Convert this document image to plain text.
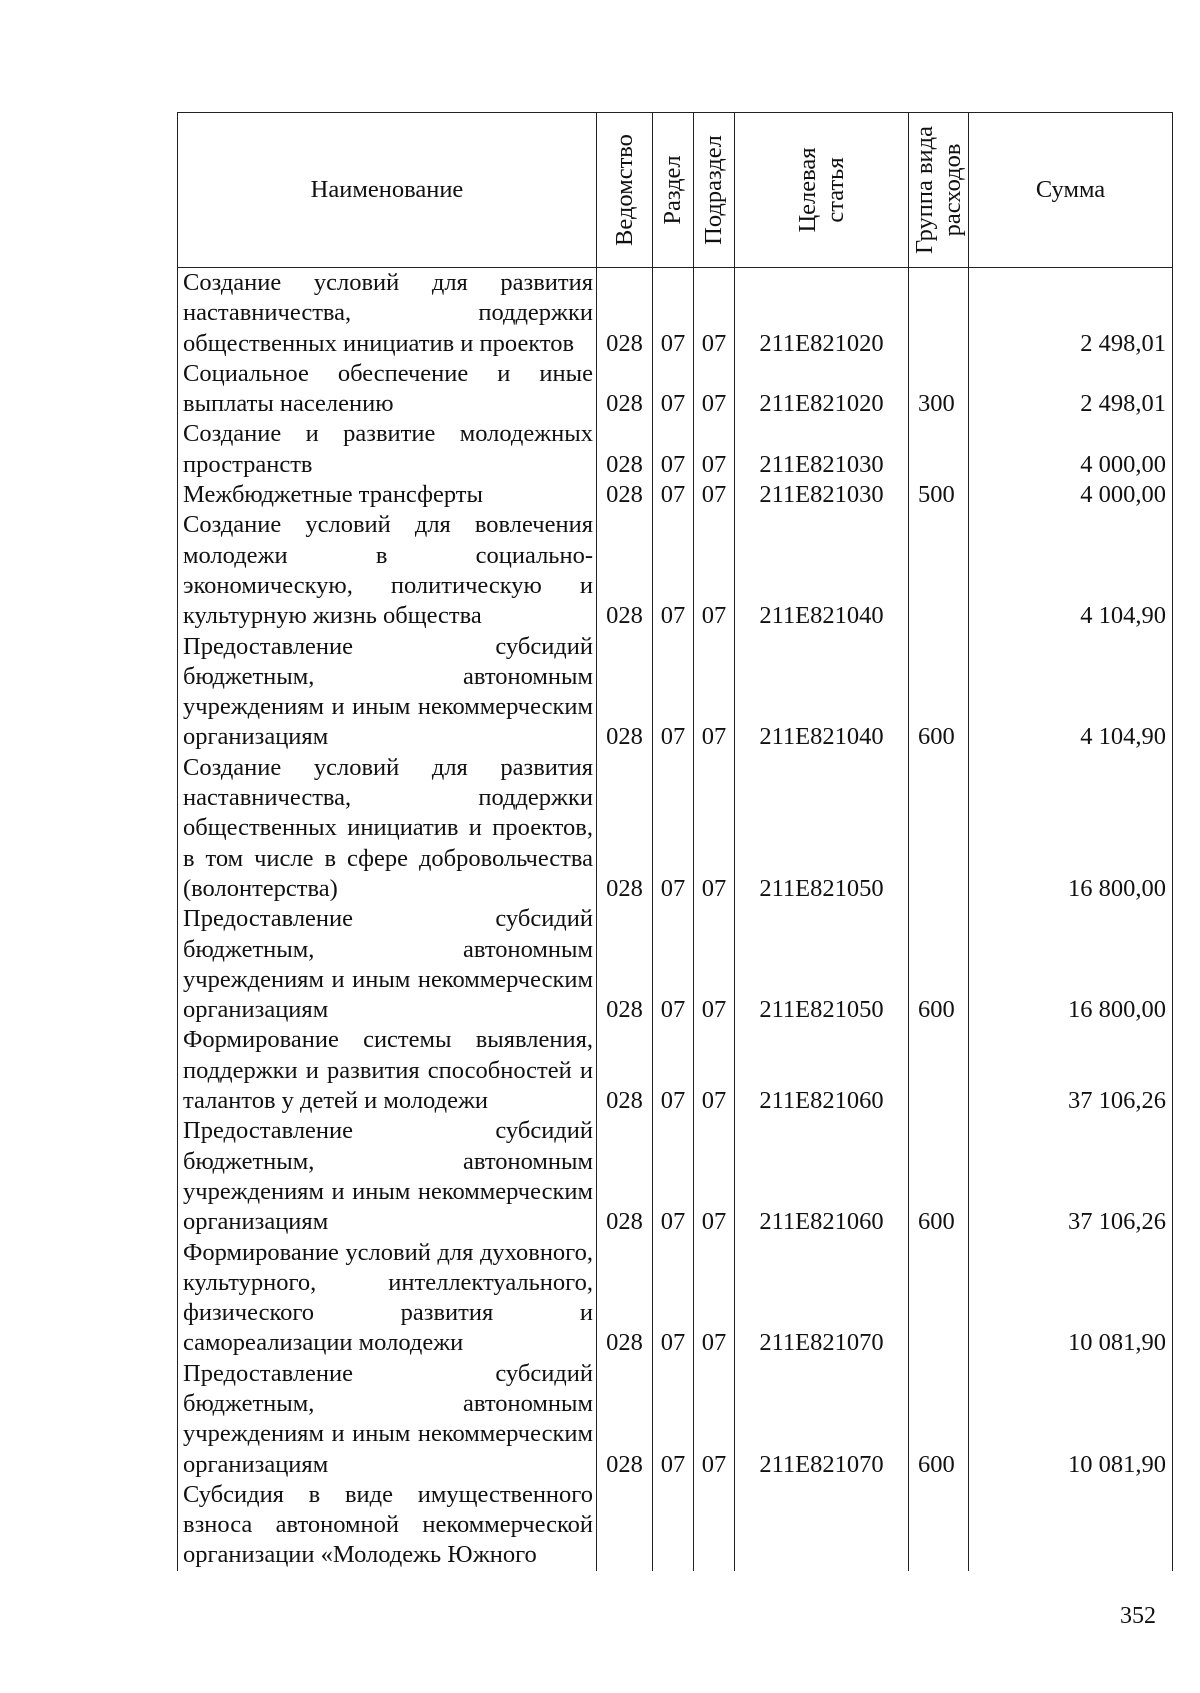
Наименование	Ведомство	Раздел	Подраздел	Целевая статья	Группа вида расходов	Сумма
Создание условий для развития наставничества, поддержки общественных инициатив и проектов	028	07	07	211E821020		2 498,01
Социальное обеспечение и иные выплаты населению	028	07	07	211E821020	300	2 498,01
Создание и развитие молодежных пространств	028	07	07	211E821030		4 000,00
Межбюджетные трансферты	028	07	07	211E821030	500	4 000,00
Создание условий для вовлечения молодежи в социально-экономическую, политическую и культурную жизнь общества	028	07	07	211E821040		4 104,90
Предоставление субсидий бюджетным, автономным учреждениям и иным некоммерческим организациям	028	07	07	211E821040	600	4 104,90
Создание условий для развития наставничества, поддержки общественных инициатив и проектов, в том числе в сфере добровольчества (волонтерства)	028	07	07	211E821050		16 800,00
Предоставление субсидий бюджетным, автономным учреждениям и иным некоммерческим организациям	028	07	07	211E821050	600	16 800,00
Формирование системы выявления, поддержки и развития способностей и талантов у детей и молодежи	028	07	07	211E821060		37 106,26
Предоставление субсидий бюджетным, автономным учреждениям и иным некоммерческим организациям	028	07	07	211E821060	600	37 106,26
Формирование условий для духовного, культурного, интеллектуального, физического развития и самореализации молодежи	028	07	07	211E821070		10 081,90
Предоставление субсидий бюджетным, автономным учреждениям и иным некоммерческим организациям	028	07	07	211E821070	600	10 081,90
Субсидия в виде имущественного взноса автономной некоммерческой организации «Молодежь Южного						
352
